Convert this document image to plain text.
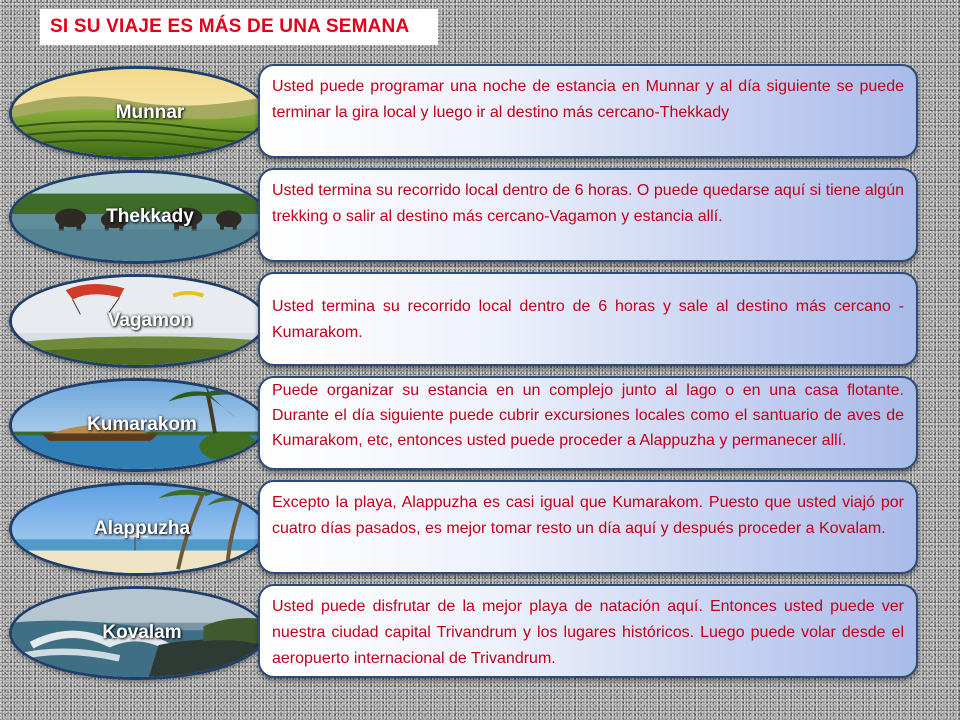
SI SU VIAJE ES MÁS DE UNA SEMANA
Munnar
Usted puede programar una noche de estancia en Munnar y al día siguiente se puede terminar la gira local y luego ir al destino más cercano-Thekkady
Thekkady
Usted termina su recorrido local dentro de 6 horas. O puede quedarse aquí si tiene algún trekking o salir al destino más cercano-Vagamon y estancia allí.
Vagamon
Usted termina su recorrido local dentro de 6 horas y sale al destino más cercano - Kumarakom.
Kumarakom
Puede organizar su estancia en un complejo junto al lago o en una casa flotante. Durante el día siguiente puede cubrir excursiones locales como el santuario de aves de Kumarakom, etc, entonces usted puede proceder a Alappuzha y permanecer allí.
Alappuzha
Excepto la playa, Alappuzha es casi igual que Kumarakom. Puesto que usted viajó por cuatro días pasados, es mejor tomar resto un día aquí y después proceder a Kovalam.
Kovalam
Usted puede disfrutar de la mejor playa de natación aquí. Entonces usted puede ver nuestra ciudad capital Trivandrum y los lugares históricos. Luego puede volar desde el aeropuerto internacional de Trivandrum.
